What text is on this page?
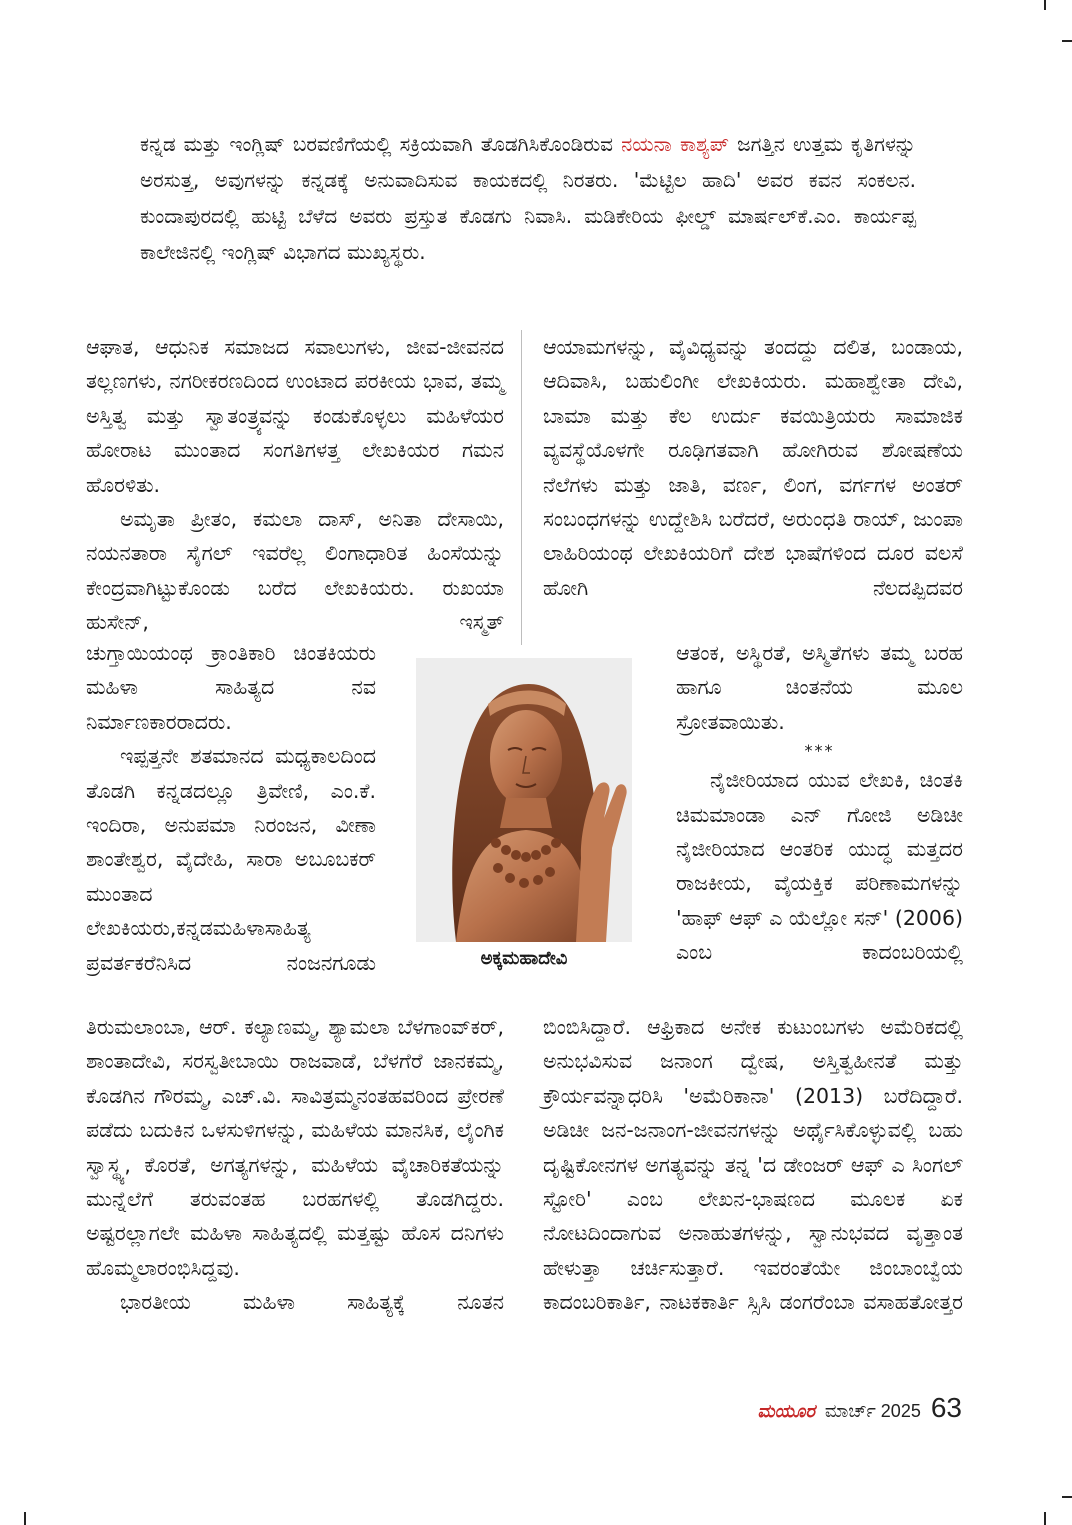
ಕನ್ನಡ ಮತ್ತು ಇಂಗ್ಲಿಷ್ ಬರವಣಿಗೆಯಲ್ಲಿ ಸಕ್ರಿಯವಾಗಿ ತೊಡಗಿಸಿಕೊಂಡಿರುವ ನಯನಾ ಕಾಶ್ಯಪ್ ಜಗತ್ತಿನ ಉತ್ತಮ ಕೃತಿಗಳನ್ನು ಅರಸುತ್ತ, ಅವುಗಳನ್ನು ಕನ್ನಡಕ್ಕೆ ಅನುವಾದಿಸುವ ಕಾಯಕದಲ್ಲಿ ನಿರತರು. 'ಮೆಟ್ಟಿಲ ಹಾದಿ' ಅವರ ಕವನ ಸಂಕಲನ. ಕುಂದಾಪುರದಲ್ಲಿ ಹುಟ್ಟಿ ಬೆಳೆದ ಅವರು ಪ್ರಸ್ತುತ ಕೊಡಗು ನಿವಾಸಿ. ಮಡಿಕೇರಿಯ ಫೀಲ್ಡ್ ಮಾರ್ಷಲ್‌ಕೆ.ಎಂ. ಕಾರ್ಯಪ್ಪ ಕಾಲೇಜಿನಲ್ಲಿ ಇಂಗ್ಲಿಷ್ ವಿಭಾಗದ ಮುಖ್ಯಸ್ಥರು.

ಆಘಾತ, ಆಧುನಿಕ ಸಮಾಜದ ಸವಾಲುಗಳು, ಜೀವ-ಜೀವನದ ತಲ್ಲಣಗಳು, ನಗರೀಕರಣದಿಂದ ಉಂಟಾದ ಪರಕೀಯ ಭಾವ, ತಮ್ಮ ಅಸ್ತಿತ್ವ ಮತ್ತು ಸ್ವಾತಂತ್ರ್ಯವನ್ನು ಕಂಡುಕೊಳ್ಳಲು ಮಹಿಳೆಯರ ಹೋರಾಟ ಮುಂತಾದ ಸಂಗತಿಗಳತ್ತ ಲೇಖಕಿಯರ ಗಮನ ಹೊರಳಿತು.

ಅಮೃತಾ ಪ್ರೀತಂ, ಕಮಲಾ ದಾಸ್, ಅನಿತಾ ದೇಸಾಯಿ, ನಯನತಾರಾ ಸೈಗಲ್ ಇವರೆಲ್ಲ ಲಿಂಗಾಧಾರಿತ ಹಿಂಸೆಯನ್ನು ಕೇಂದ್ರವಾಗಿಟ್ಟುಕೊಂಡು ಬರೆದ ಲೇಖಕಿಯರು. ರುಖಯಾ ಹುಸೇನ್, ಇಸ್ಮತ್

ಚುಗ್ತಾಯಿಯಂಥ ಕ್ರಾಂತಿಕಾರಿ ಚಿಂತಕಿಯರು ಮಹಿಳಾ ಸಾಹಿತ್ಯದ ನವ ನಿರ್ಮಾಣಕಾರರಾದರು.

ಇಪ್ಪತ್ತನೇ ಶತಮಾನದ ಮಧ್ಯಕಾಲದಿಂದ ತೊಡಗಿ ಕನ್ನಡದಲ್ಲೂ ತ್ರಿವೇಣಿ, ಎಂ.ಕೆ. ಇಂದಿರಾ, ಅನುಪಮಾ ನಿರಂಜನ, ವೀಣಾ ಶಾಂತೇಶ್ವರ, ವೈದೇಹಿ, ಸಾರಾ ಅಬೂಬಕರ್ ಮುಂತಾದ ಲೇಖಕಿಯರು,ಕನ್ನಡಮಹಿಳಾಸಾಹಿತ್ಯ ಪ್ರವರ್ತಕರೆನಿಸಿದ ನಂಜನಗೂಡು

ತಿರುಮಲಾಂಬಾ, ಆರ್. ಕಲ್ಯಾಣಮ್ಮ, ಶ್ಯಾಮಲಾ ಬೆಳಗಾಂವ್‌ಕರ್, ಶಾಂತಾದೇವಿ, ಸರಸ್ವತೀಬಾಯಿ ರಾಜವಾಡೆ, ಬೆಳಗೆರೆ ಜಾನಕಮ್ಮ, ಕೊಡಗಿನ ಗೌರಮ್ಮ, ಎಚ್.ವಿ. ಸಾವಿತ್ರಮ್ಮನಂತಹವರಿಂದ ಪ್ರೇರಣೆ ಪಡೆದು ಬದುಕಿನ ಒಳಸುಳಿಗಳನ್ನು, ಮಹಿಳೆಯ ಮಾನಸಿಕ, ಲೈಂಗಿಕ ಸ್ವಾಸ್ಥ್ಯ, ಕೊರತೆ, ಅಗತ್ಯಗಳನ್ನು, ಮಹಿಳೆಯ ವೈಚಾರಿಕತೆಯನ್ನು ಮುನ್ನೆಲೆಗೆ ತರುವಂತಹ ಬರಹಗಳಲ್ಲಿ ತೊಡಗಿದ್ದರು. ಅಷ್ಟರಲ್ಲಾಗಲೇ ಮಹಿಳಾ ಸಾಹಿತ್ಯದಲ್ಲಿ ಮತ್ತಷ್ಟು ಹೊಸ ದನಿಗಳು ಹೊಮ್ಮಲಾರಂಭಿಸಿದ್ದವು.

ಭಾರತೀಯ ಮಹಿಳಾ ಸಾಹಿತ್ಯಕ್ಕೆ ನೂತನ

ಆಯಾಮಗಳನ್ನು, ವೈವಿಧ್ಯವನ್ನು ತಂದದ್ದು ದಲಿತ, ಬಂಡಾಯ, ಆದಿವಾಸಿ, ಬಹುಲಿಂಗೀ ಲೇಖಕಿಯರು. ಮಹಾಶ್ವೇತಾ ದೇವಿ, ಬಾಮಾ ಮತ್ತು ಕೆಲ ಉರ್ದು ಕವಯಿತ್ರಿಯರು ಸಾಮಾಜಿಕ ವ್ಯವಸ್ಥೆಯೊಳಗೇ ರೂಢಿಗತವಾಗಿ ಹೋಗಿರುವ ಶೋಷಣೆಯ ನೆಲೆಗಳು ಮತ್ತು ಜಾತಿ, ವರ್ಣ, ಲಿಂಗ, ವರ್ಗಗಳ ಅಂತರ್ ಸಂಬಂಧಗಳನ್ನು ಉದ್ದೇಶಿಸಿ ಬರೆದರೆ, ಅರುಂಧತಿ ರಾಯ್, ಜುಂಪಾ ಲಾಹಿರಿಯಂಥ ಲೇಖಕಿಯರಿಗೆ ದೇಶ ಭಾಷೆಗಳಿಂದ ದೂರ ವಲಸೆ ಹೋಗಿ ನೆಲದಪ್ಪಿದವರ

ಆತಂಕ, ಅಸ್ಥಿರತೆ, ಅಸ್ಮಿತೆಗಳು ತಮ್ಮ ಬರಹ ಹಾಗೂ ಚಿಂತನೆಯ ಮೂಲ ಸ್ರೋತವಾಯಿತು.

***

ನೈಜೀರಿಯಾದ ಯುವ ಲೇಖಕಿ, ಚಿಂತಕಿ ಚಿಮಮಾಂಡಾ ಎನ್ ಗೋಜಿ ಅಡಿಚೀ ನೈಜೀರಿಯಾದ ಆಂತರಿಕ ಯುದ್ಧ ಮತ್ತದರ ರಾಜಕೀಯ, ವೈಯಕ್ತಿಕ ಪರಿಣಾಮಗಳನ್ನು 'ಹಾಫ್ ಆಫ್ ಎ ಯೆಲ್ಲೋ ಸನ್' (2006) ಎಂಬ ಕಾದಂಬರಿಯಲ್ಲಿ

ಬಿಂಬಿಸಿದ್ದಾರೆ. ಆಫ್ರಿಕಾದ ಅನೇಕ ಕುಟುಂಬಗಳು ಅಮೆರಿಕದಲ್ಲಿ ಅನುಭವಿಸುವ ಜನಾಂಗ ದ್ವೇಷ, ಅಸ್ತಿತ್ವಹೀನತೆ ಮತ್ತು ಕ್ರೌರ್ಯವನ್ನಾಧರಿಸಿ 'ಅಮೆರಿಕಾನಾ' (2013) ಬರೆದಿದ್ದಾರೆ. ಅಡಿಚೀ ಜನ-ಜನಾಂಗ-ಜೀವನಗಳನ್ನು ಅರ್ಥೈಸಿಕೊಳ್ಳುವಲ್ಲಿ ಬಹು ದೃಷ್ಟಿಕೋನಗಳ ಅಗತ್ಯವನ್ನು ತನ್ನ 'ದ ಡೇಂಜರ್ ಆಫ್ ಎ ಸಿಂಗಲ್ ಸ್ಟೋರಿ' ಎಂಬ ಲೇಖನ-ಭಾಷಣದ ಮೂಲಕ ಏಕ ನೋಟದಿಂದಾಗುವ ಅನಾಹುತಗಳನ್ನು, ಸ್ವಾನುಭವದ ವೃತ್ತಾಂತ ಹೇಳುತ್ತಾ ಚರ್ಚಿಸುತ್ತಾರೆ. ಇವರಂತೆಯೇ ಜಿಂಬಾಂಬ್ವೆಯ ಕಾದಂಬರಿಕಾರ್ತಿ, ನಾಟಕಕಾರ್ತಿ ಸ್ಸಿಸಿ ಡಂಗರೆಂಬಾ ವಸಾಹತೋತ್ತರ

ಅಕ್ಕಮಹಾದೇವಿ
ಮಯೂರ ಮಾರ್ಚ್ 2025 63
